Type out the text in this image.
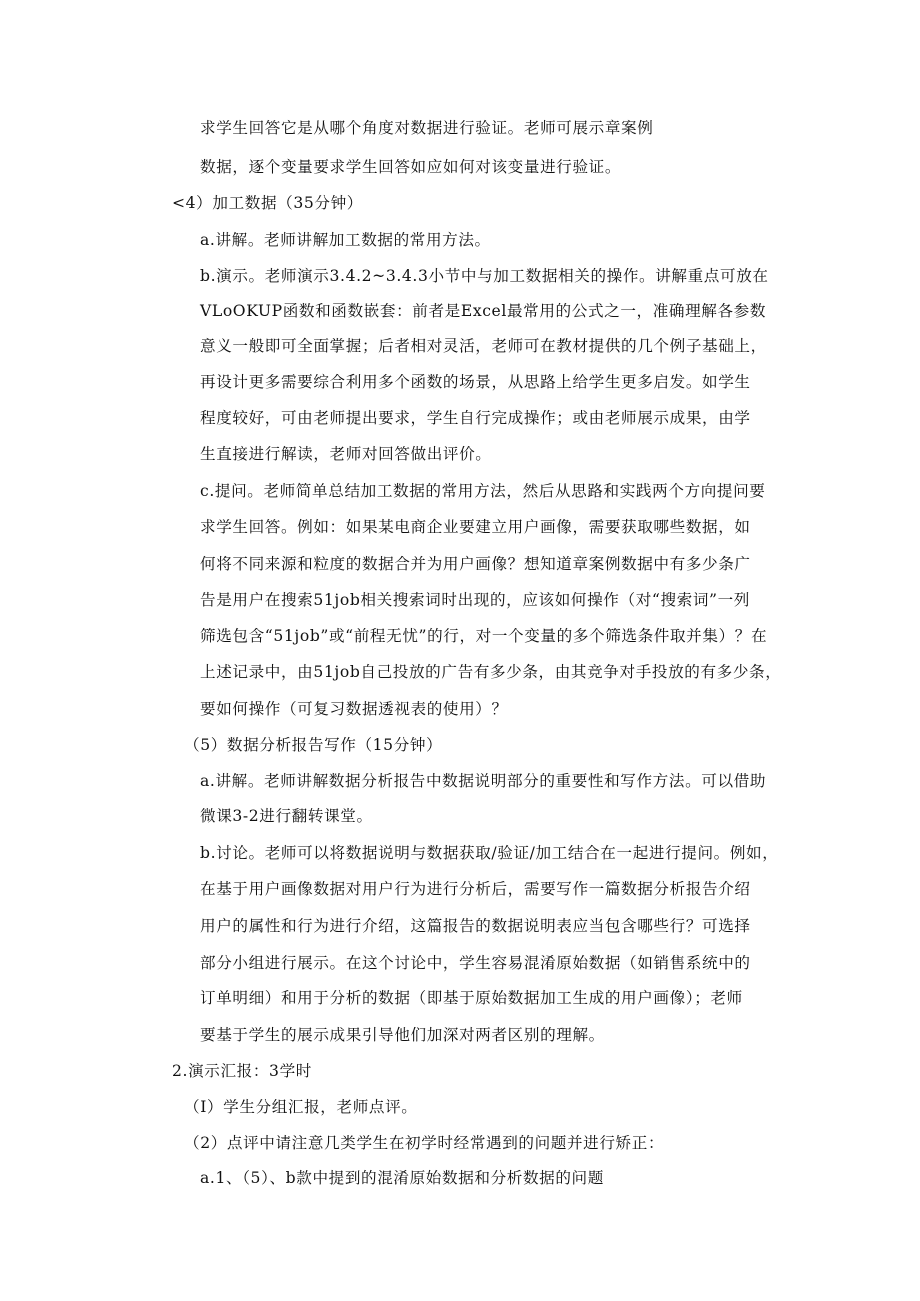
求学生回答它是从哪个角度对数据进行验证。老师可展示章案例
数据，逐个变量要求学生回答如应如何对该变量进行验证。
<4）加工数据（35分钟）
a.讲解。老师讲解加工数据的常用方法。
b.演示。老师演示3.4.2~3.4.3小节中与加工数据相关的操作。讲解重点可放在
VLoOKUP函数和函数嵌套：前者是Excel最常用的公式之一，准确理解各参数
意义一般即可全面掌握；后者相对灵活，老师可在教材提供的几个例子基础上，
再设计更多需要综合利用多个函数的场景，从思路上给学生更多启发。如学生
程度较好，可由老师提出要求，学生自行完成操作；或由老师展示成果，由学
生直接进行解读，老师对回答做出评价。
c.提问。老师简单总结加工数据的常用方法，然后从思路和实践两个方向提问要
求学生回答。例如：如果某电商企业要建立用户画像，需要获取哪些数据，如
何将不同来源和粒度的数据合并为用户画像？想知道章案例数据中有多少条广
告是用户在搜索51job相关搜索词时出现的，应该如何操作（对“搜索词”一列
筛选包含“51job”或“前程无忧”的行，对一个变量的多个筛选条件取并集）？在
上述记录中，由51job自己投放的广告有多少条，由其竞争对手投放的有多少条，
要如何操作（可复习数据透视表的使用）？
（5）数据分析报告写作（15分钟）
a.讲解。老师讲解数据分析报告中数据说明部分的重要性和写作方法。可以借助
微课3-2进行翻转课堂。
b.讨论。老师可以将数据说明与数据获取/验证/加工结合在一起进行提问。例如，
在基于用户画像数据对用户行为进行分析后，需要写作一篇数据分析报告介绍
用户的属性和行为进行介绍，这篇报告的数据说明表应当包含哪些行？可选择
部分小组进行展示。在这个讨论中，学生容易混淆原始数据（如销售系统中的
订单明细）和用于分析的数据（即基于原始数据加工生成的用户画像）；老师
要基于学生的展示成果引导他们加深对两者区别的理解。
2.演示汇报：3学时
（I）学生分组汇报，老师点评。
（2）点评中请注意几类学生在初学时经常遇到的问题并进行矫正：
a.1、（5）、b款中提到的混淆原始数据和分析数据的问题
